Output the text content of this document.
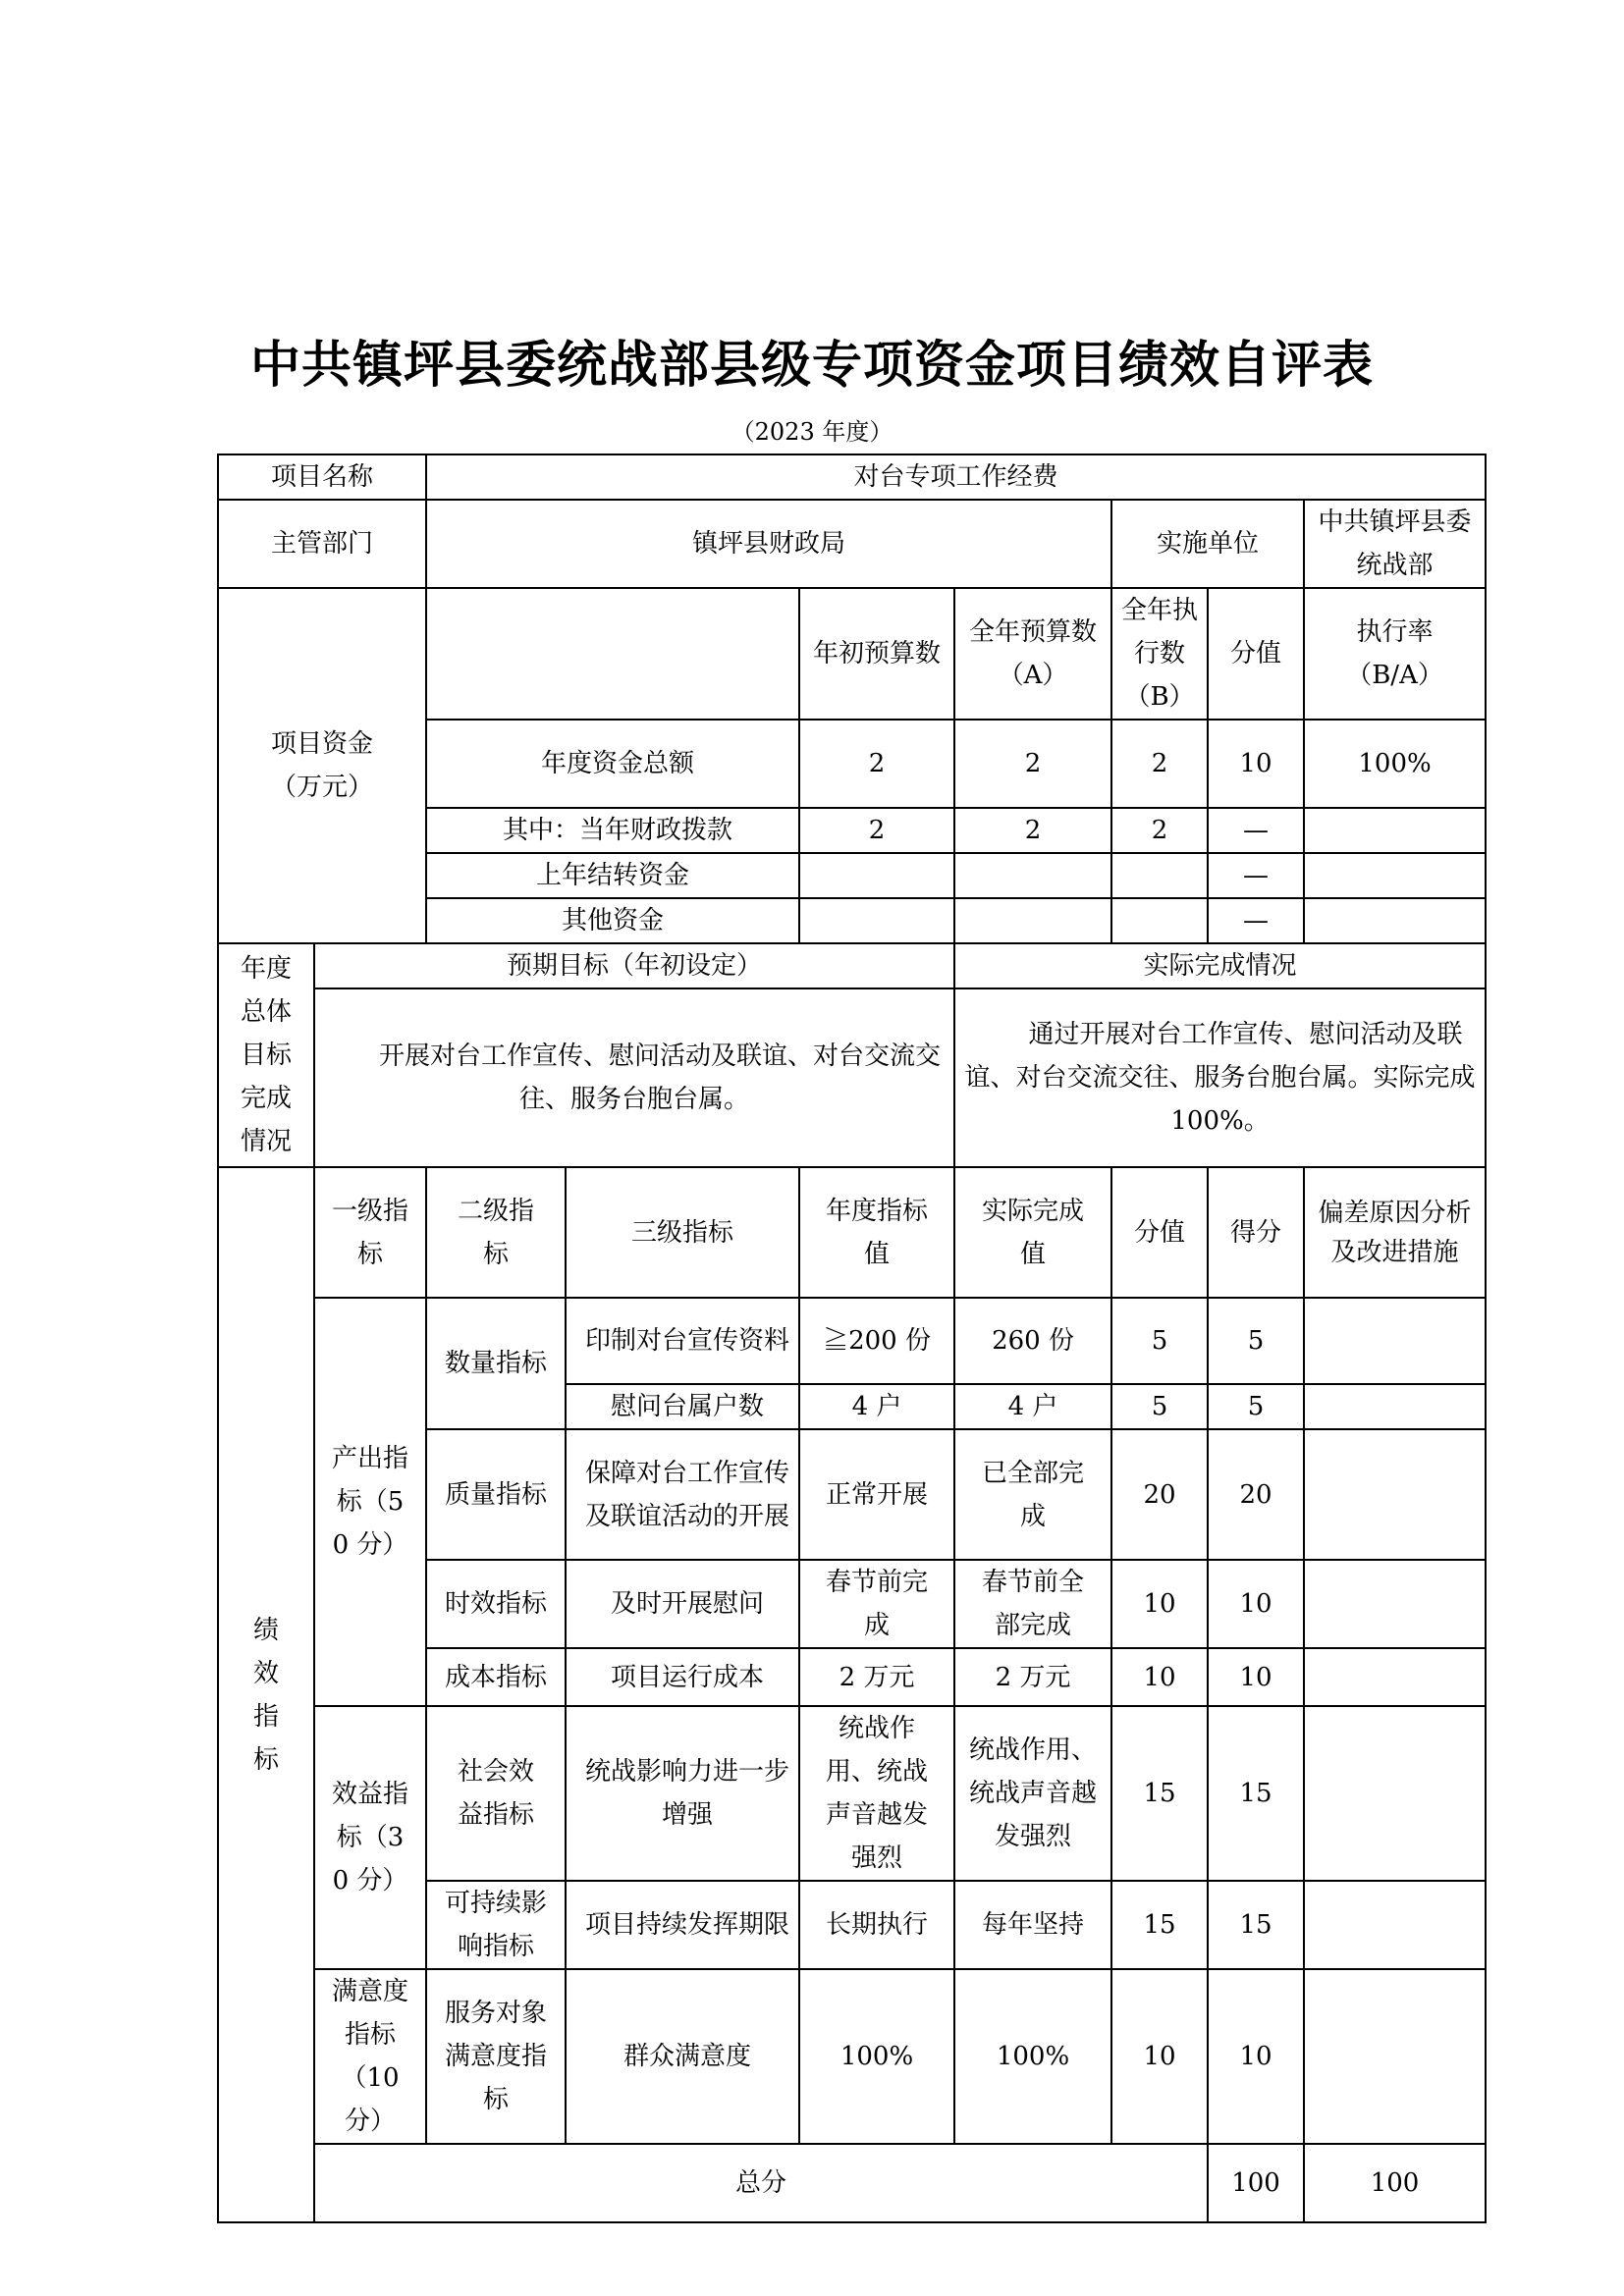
中共镇坪县委统战部县级专项资金项目绩效自评表
（2023 年度）
项目名称		对台专项工作经费							
主管部门		镇坪县财政局				实施单位		中共镇坪县委统战部	
项目资金（万元）				年初预算数	全年预算数（A）	全年执行数（B）	分值	执行率（B/A）	
		年度资金总额		2	2	2	10	100%	
		其中：当年财政拨款		2	2	2	—		
		上年结转资金					—		
		其他资金					—		
年度总体目标完成情况	预期目标（年初设定）				实际完成情况				
	开展对台工作宣传、慰问活动及联谊、对台交流交往、服务台胞台属。				通过开展对台工作宣传、慰问活动及联谊、对台交流交往、服务台胞台属。实际完成 100%。				
绩效指标	一级指标	二级指标	三级指标	年度指标值	实际完成值	分值	得分	偏差原因分析及改进措施	
	产出指标（50 分）	数量指标	印制对台宣传资料	≧200 份	260 份	5	5		
			慰问台属户数	4 户	4 户	5	5		
		质量指标	保障对台工作宣传及联谊活动的开展	正常开展	已全部完成	20	20		
		时效指标	及时开展慰问	春节前完成	春节前全部完成	10	10		
		成本指标	项目运行成本	2 万元	2 万元	10	10		
	效益指标（30 分）	社会效益指标	统战影响力进一步增强	统战作用、统战声音越发强烈	统战作用、统战声音越发强烈	15	15		
		可持续影响指标	项目持续发挥期限	长期执行	每年坚持	15	15		
	满意度指标（10 分）	服务对象满意度指标	群众满意度	100%	100%	10	10		
	总分						100	100	
